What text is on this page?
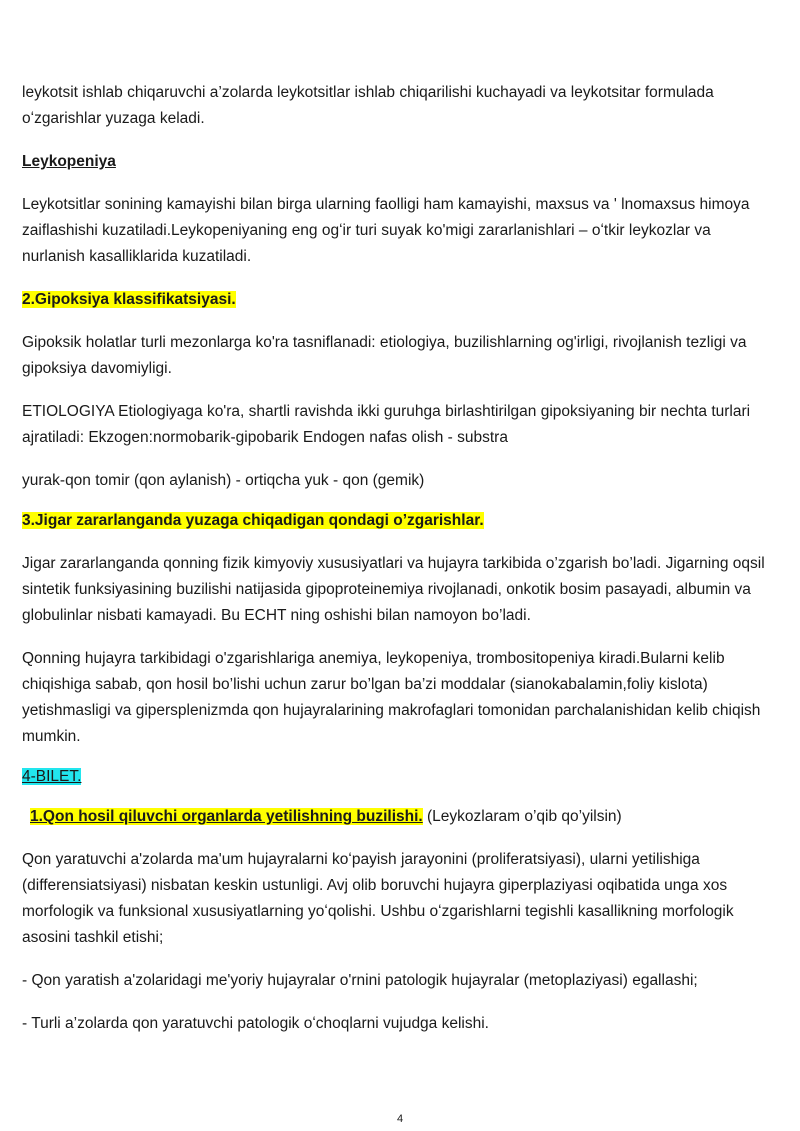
leykotsit ishlab chiqaruvchi a’zolarda leykotsitlar ishlab chiqarilishi kuchayadi va leykotsitar formulada oʻzgarishlar yuzaga keladi.

Leykopeniya

Leykotsitlar sonining kamayishi bilan birga ularning faolligi ham kamayishi, maxsus va ' lnomaxsus himoya zaiflashishi kuzatiladi.Leykopeniyaning eng ogʻir turi suyak ko'migi zararlanishlari – oʻtkir leykozlar va nurlanish kasalliklarida kuzatiladi.

2.Gipoksiya klassifikatsiyasi.

Gipoksik holatlar turli mezonlarga ko'ra tasniflanadi: etiologiya, buzilishlarning og'irligi, rivojlanish tezligi va gipoksiya davomiyligi.

ETIOLOGIYA Etiologiyaga ko'ra, shartli ravishda ikki guruhga birlashtirilgan gipoksiyaning bir nechta turlari ajratiladi: Ekzogen:normobarik-gipobarik Endogen nafas olish - substra

yurak-qon tomir (qon aylanish) - ortiqcha yuk - qon (gemik)

3.Jigar zararlanganda yuzaga chiqadigan qondagi o’zgarishlar.

Jigar zararlanganda qonning fizik kimyoviy xususiyatlari va hujayra tarkibida o’zgarish bo’ladi. Jigarning oqsil sintetik funksiyasining buzilishi natijasida gipoproteinemiya rivojlanadi, onkotik bosim pasayadi, albumin va globulinlar nisbati kamayadi. Bu ECHT ning oshishi bilan namoyon bo’ladi.

Qonning hujayra tarkibidagi o'zgarishlariga anemiya, leykopeniya, trombositopeniya kiradi.Bularni kelib chiqishiga sabab, qon hosil bo’lishi uchun zarur bo’lgan ba’zi moddalar (sianokabalamin,foliy kislota) yetishmasligi va gipersplenizmda qon hujayralarining makrofaglari tomonidan parchalanishidan kelib chiqish mumkin.

4-BILET.

1.Qon hosil qiluvchi organlarda yetilishning buzilishi. (Leykozlaram o’qib qo’yilsin)

Qon yaratuvchi a'zolarda ma'um hujayralarni koʻpayish jarayonini (proliferatsiyasi), ularni yetilishiga (differensiatsiyasi) nisbatan keskin ustunligi. Avj olib boruvchi hujayra giperplaziyasi oqibatida unga xos morfologik va funksional xususiyatlarning yoʻqolishi. Ushbu oʻzgarishlarni tegishli kasallikning morfologik asosini tashkil etishi;

- Qon yaratish a'zolaridagi me'yoriy hujayralar o'rnini patologik hujayralar (metoplaziyasi) egallashi;

- Turli a’zolarda qon yaratuvchi patologik oʻchoqlarni vujudga kelishi.

4
